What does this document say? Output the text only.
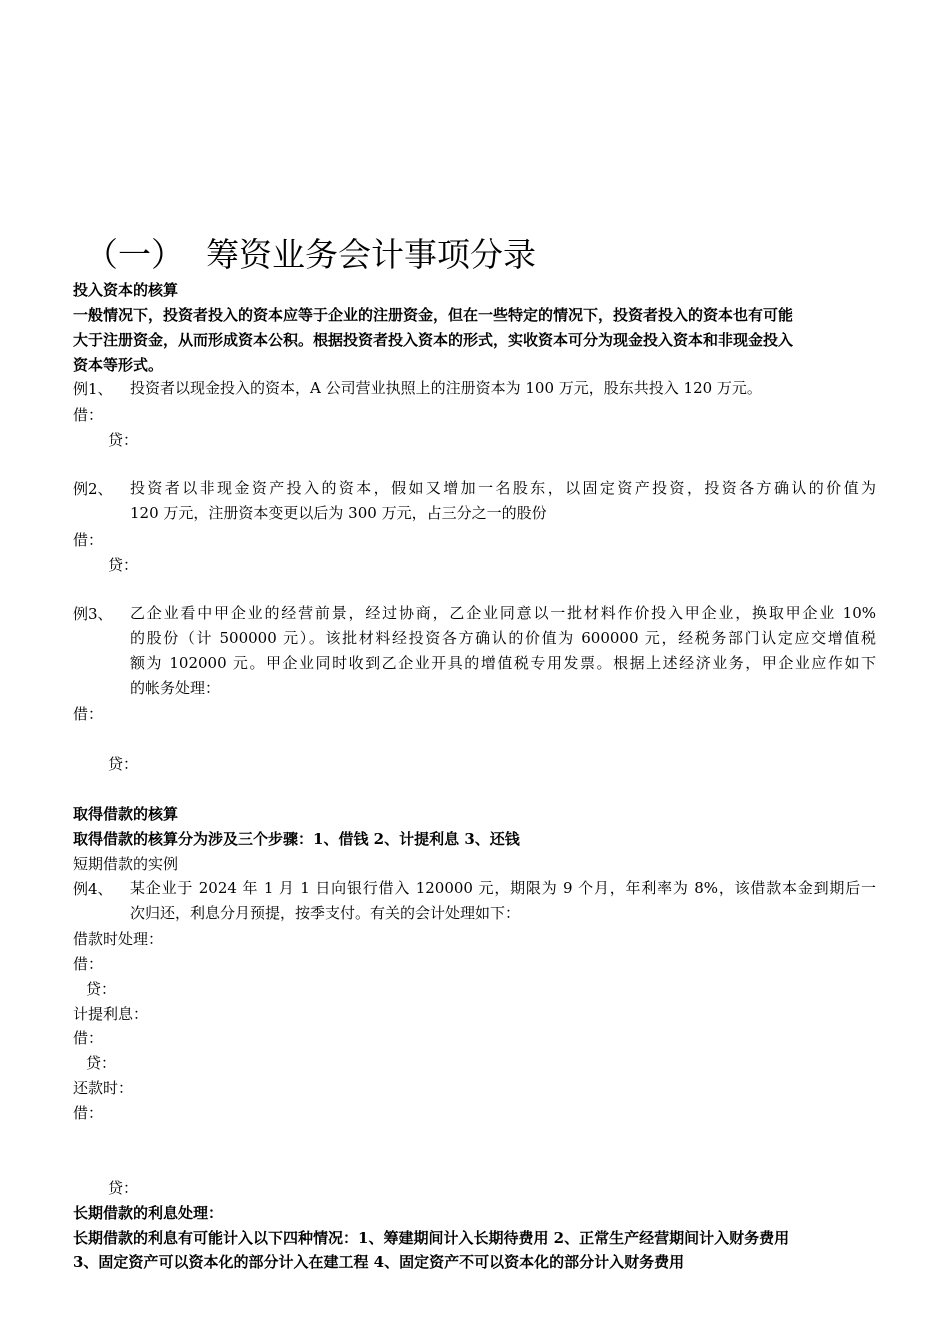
（一） 筹资业务会计事项分录
投入资本的核算
一般情况下，投资者投入的资本应等于企业的注册资金，但在一些特定的情况下，投资者投入的资本也有可能
大于注册资金，从而形成资本公积。根据投资者投入资本的形式，实收资本可分为现金投入资本和非现金投入
资本等形式。
例1、 投资者以现金投入的资本，A 公司营业执照上的注册资本为 100 万元，股东共投入 120 万元。
借：
贷：
例2、 投资者以非现金资产投入的资本，假如又增加一名股东，以固定资产投资，投资各方确认的价值为
120 万元，注册资本变更以后为 300 万元，占三分之一的股份
借：
贷：
例3、 乙企业看中甲企业的经营前景，经过协商，乙企业同意以一批材料作价投入甲企业，换取甲企业 10%
的股份（计 500000 元）。该批材料经投资各方确认的价值为 600000 元，经税务部门认定应交增值税
额为 102000 元。甲企业同时收到乙企业开具的增值税专用发票。根据上述经济业务，甲企业应作如下
的帐务处理：
借：
贷：
取得借款的核算
取得借款的核算分为涉及三个步骤：1、借钱 2、计提利息 3、还钱
短期借款的实例
例4、 某企业于 2024 年 1 月 1 日向银行借入 120000 元，期限为 9 个月，年利率为 8%，该借款本金到期后一
次归还，利息分月预提，按季支付。有关的会计处理如下：
借款时处理：
借：
贷：
计提利息：
借：
贷：
还款时：
借：
贷：
长期借款的利息处理：
长期借款的利息有可能计入以下四种情况：1、筹建期间计入长期待费用 2、正常生产经营期间计入财务费用
3、固定资产可以资本化的部分计入在建工程 4、固定资产不可以资本化的部分计入财务费用
